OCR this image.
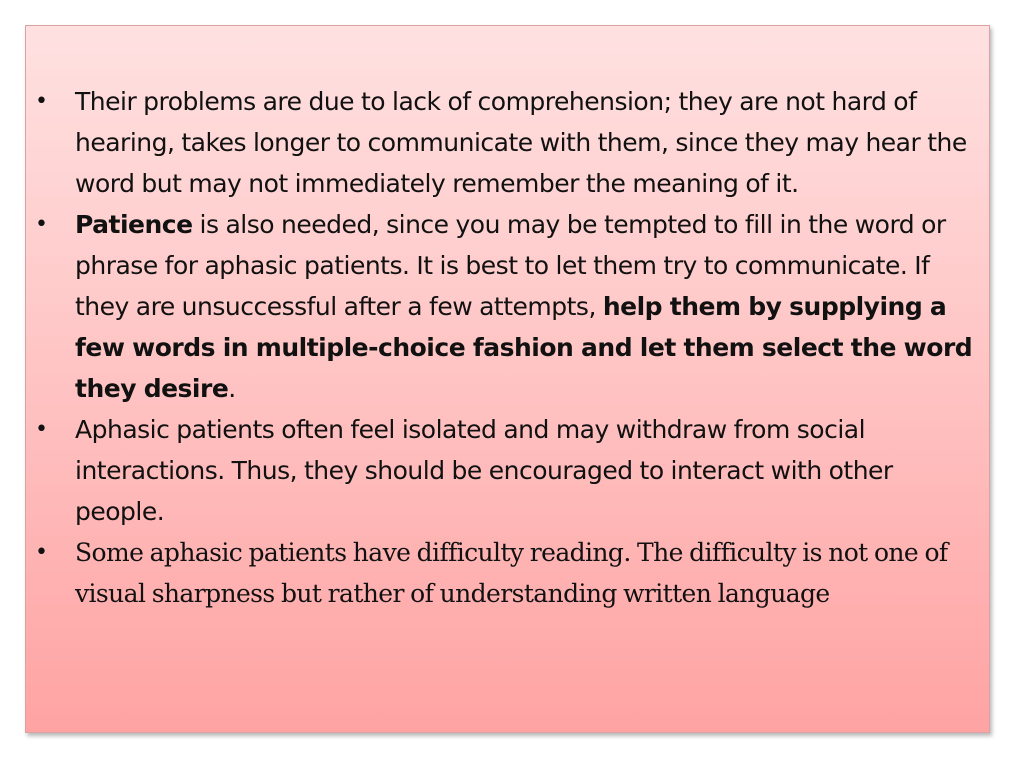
• Their problems are due to lack of comprehension; they are not hard of hearing, takes longer to communicate with them, since they may hear the word but may not immediately remember the meaning of it.
• Patience is also needed, since you may be tempted to fill in the word or phrase for aphasic patients. It is best to let them try to communicate. If they are unsuccessful after a few attempts, help them by supplying a few words in multiple-choice fashion and let them select the word they desire.
• Aphasic patients often feel isolated and may withdraw from social interactions. Thus, they should be encouraged to interact with other people.
• Some aphasic patients have difficulty reading. The difficulty is not one of visual sharpness but rather of understanding written language
